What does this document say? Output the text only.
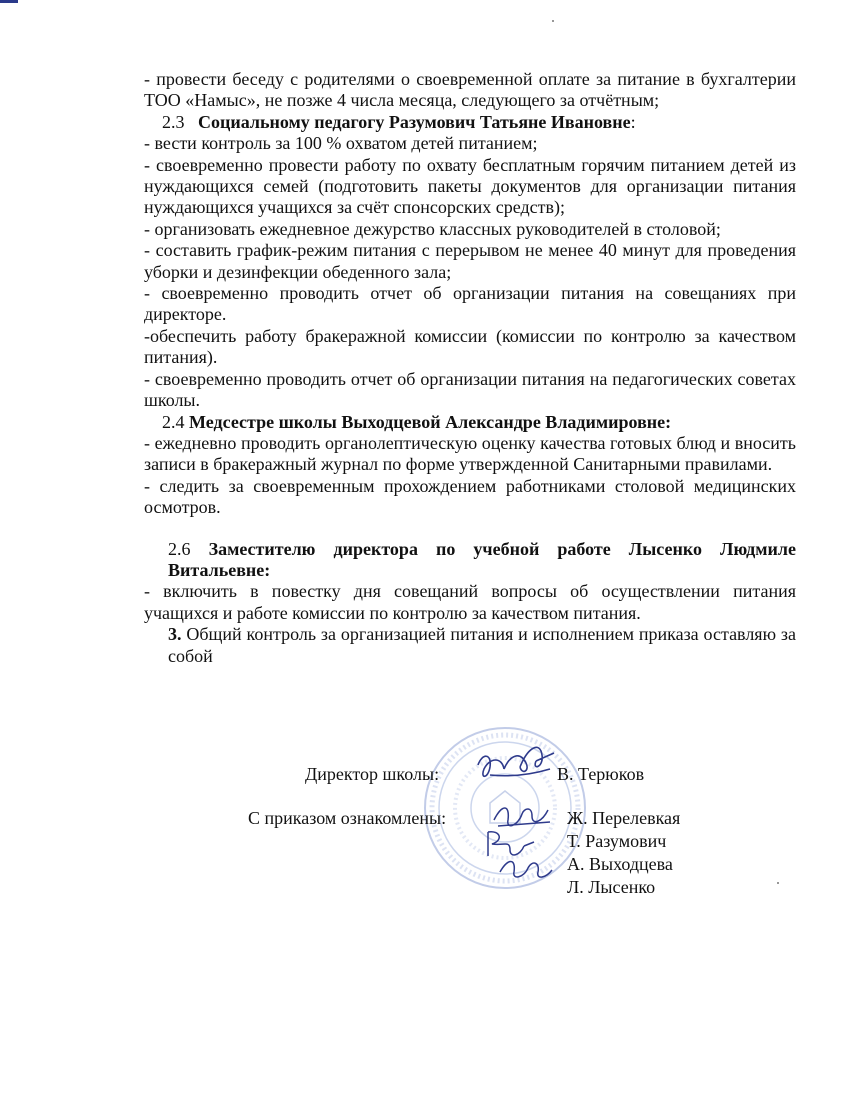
- провести беседу с родителями о своевременной оплате за питание в бухгалтерии ТОО «Намыс», не позже 4 числа месяца, следующего за отчётным;

2.3 Социальному педагогу Разумович Татьяне Ивановне:

- вести контроль за 100 % охватом детей питанием;

- своевременно провести работу по охвату бесплатным горячим питанием детей из нуждающихся семей (подготовить пакеты документов для организации питания нуждающихся учащихся за счёт спонсорских средств);

- организовать ежедневное дежурство классных руководителей в столовой;

- составить график-режим питания с перерывом не менее 40 минут для проведения уборки и дезинфекции обеденного зала;

- своевременно проводить отчет об организации питания на совещаниях при директоре.

-обеспечить работу бракеражной комиссии (комиссии по контролю за качеством питания).

- своевременно проводить отчет об организации питания на педагогических советах школы.

2.4 Медсестре школы Выходцевой Александре Владимировне:

- ежедневно проводить органолептическую оценку качества готовых блюд и вносить записи в бракеражный журнал по форме утвержденной Санитарными правилами.

- следить за своевременным прохождением работниками столовой медицинских осмотров.

2.6 Заместителю директора по учебной работе Лысенко Людмиле Витальевне:

- включить в повестку дня совещаний вопросы об осуществлении питания учащихся и работе комиссии по контролю за качеством питания.

3. Общий контроль за организацией питания и исполнением приказа оставляю за собой

Директор школы:	В. Терюков
С приказом ознакомлены:	Ж. Перелевкая
Т. Разумович
А. Выходцева
Л. Лысенко
